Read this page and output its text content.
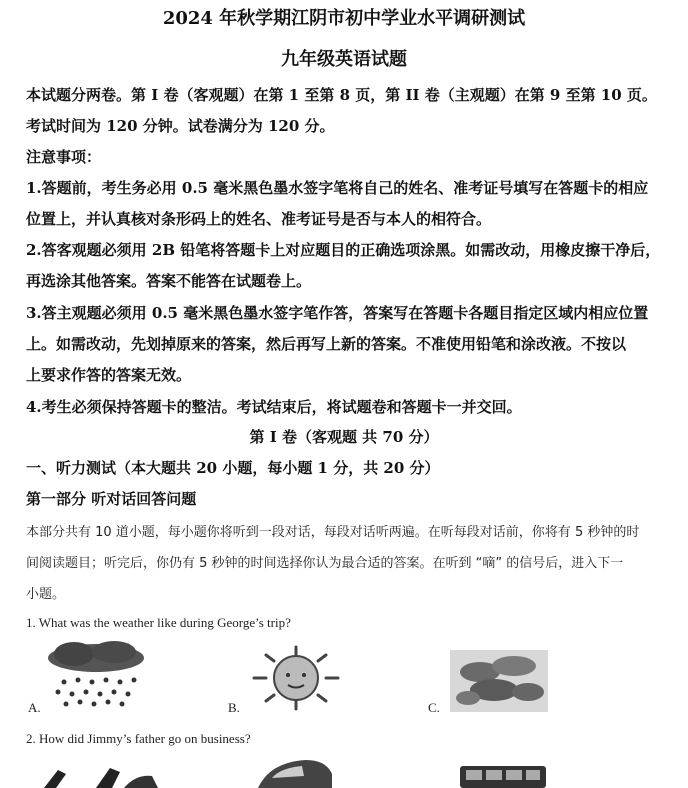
2024 年秋学期江阴市初中学业水平调研测试
九年级英语试题
本试题分两卷。第 I 卷（客观题）在第 1 至第 8 页，第 II 卷（主观题）在第 9 至第 10 页。
考试时间为 120 分钟。试卷满分为 120 分。
注意事项：
1.答题前，考生务必用 0.5 毫米黑色墨水签字笔将自己的姓名、准考证号填写在答题卡的相应
位置上，并认真核对条形码上的姓名、准考证号是否与本人的相符合。
2.答客观题必须用 2B 铅笔将答题卡上对应题目的正确选项涂黑。如需改动，用橡皮擦干净后，
再选涂其他答案。答案不能答在试题卷上。
3.答主观题必须用 0.5 毫米黑色墨水签字笔作答，答案写在答题卡各题目指定区域内相应位置
上。如需改动，先划掉原来的答案，然后再写上新的答案。不准使用铅笔和涂改液。不按以
上要求作答的答案无效。
4.考生必须保持答题卡的整洁。考试结束后，将试题卷和答题卡一并交回。
第 I 卷（客观题 共 70 分）
一、听力测试（本大题共 20 小题，每小题 1 分，共 20 分）
第一部分 听对话回答问题
本部分共有 10 道小题，每小题你将听到一段对话，每段对话听两遍。在听每段对话前，你将有 5 秒钟的时
间阅读题目；听完后，你仍有 5 秒钟的时间选择你认为最合适的答案。在听到 “嘀” 的信号后，进入下一
小题。
1. What was the weather like during George’s trip?
A.	B.	C.
2. How did Jimmy’s father go on business?
